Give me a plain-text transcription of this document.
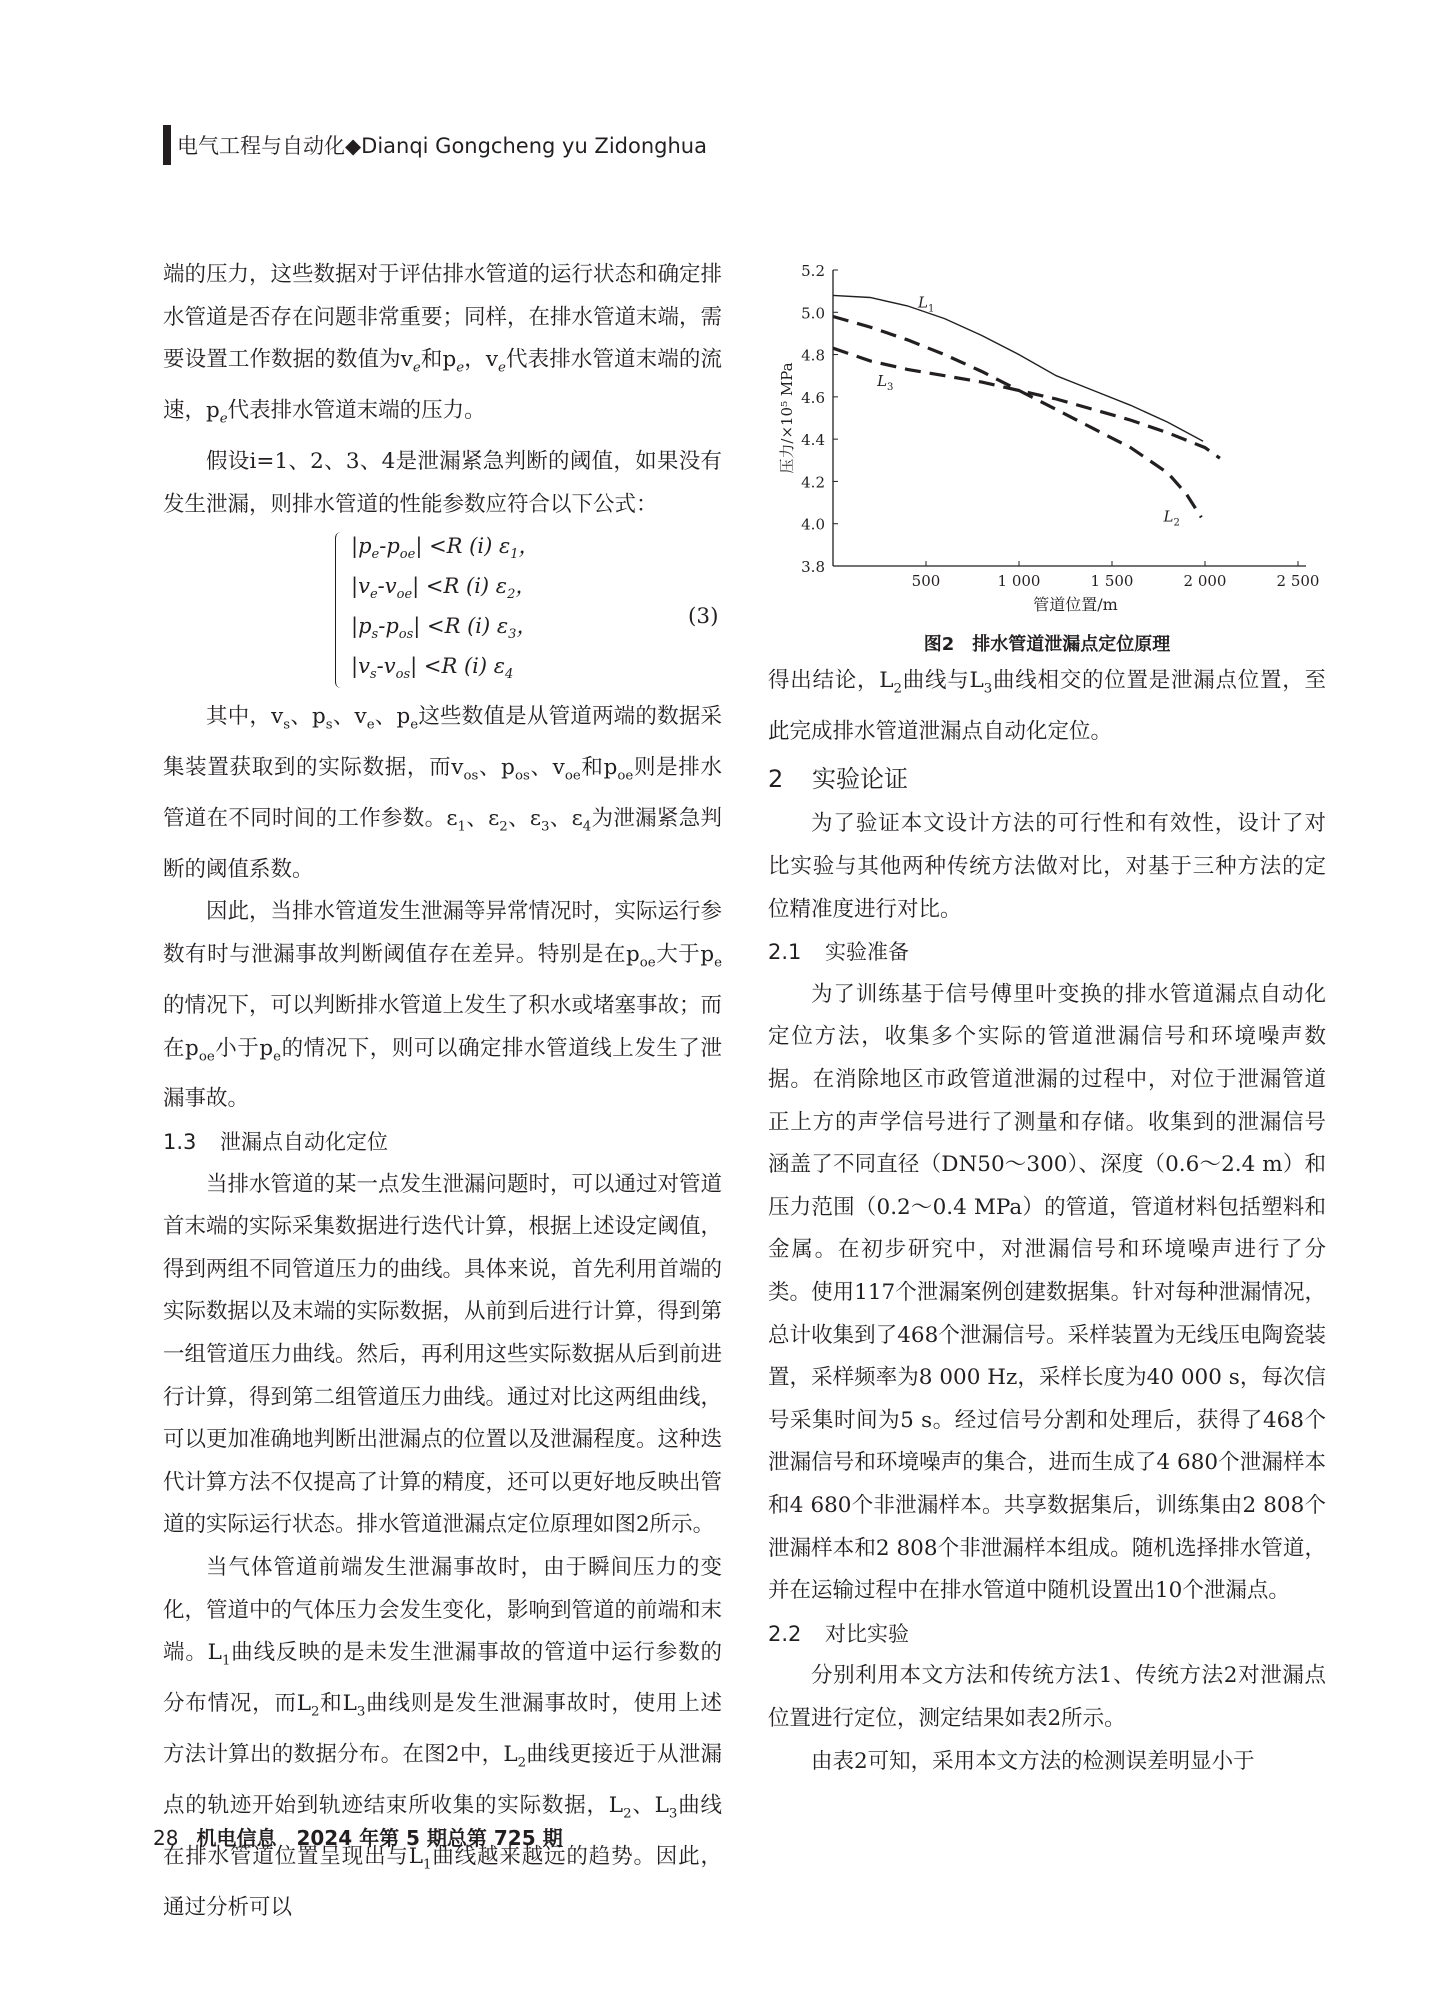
电气工程与自动化◆Dianqi Gongcheng yu Zidonghua

端的压力，这些数据对于评估排水管道的运行状态和确定排水管道是否存在问题非常重要；同样，在排水管道末端，需要设置工作数据的数值为$v_e$和$p_e$，$v_e$代表排水管道末端的流速，$p_e$代表排水管道末端的压力。

假设i=1、2、3、4是泄漏紧急判断的阈值，如果没有发生泄漏，则排水管道的性能参数应符合以下公式：

$|p_e-p_{oe}| <R$ (i) $\varepsilon_1$，
$|v_e-v_{oe}| <R$ (i) $\varepsilon_2$，
$|p_s-p_{os}| <R$ (i) $\varepsilon_3$，
$|v_s-v_{os}| <R$ (i) $\varepsilon_4$
(3)

其中，$v_s$、$p_s$、$v_e$、$p_e$这些数值是从管道两端的数据采集装置获取到的实际数据，而$v_{os}$、$p_{os}$、$v_{oe}$和$p_{oe}$则是排水管道在不同时间的工作参数。$\varepsilon_1$、$\varepsilon_2$、$\varepsilon_3$、$\varepsilon_4$为泄漏紧急判断的阈值系数。

因此，当排水管道发生泄漏等异常情况时，实际运行参数有时与泄漏事故判断阈值存在差异。特别是在$p_{oe}$大于$p_e$的情况下，可以判断排水管道上发生了积水或堵塞事故；而在$p_{oe}$小于$p_e$的情况下，则可以确定排水管道线上发生了泄漏事故。

1.3 泄漏点自动化定位

当排水管道的某一点发生泄漏问题时，可以通过对管道首末端的实际采集数据进行迭代计算，根据上述设定阈值，得到两组不同管道压力的曲线。具体来说，首先利用首端的实际数据以及末端的实际数据，从前到后进行计算，得到第一组管道压力曲线。然后，再利用这些实际数据从后到前进行计算，得到第二组管道压力曲线。通过对比这两组曲线，可以更加准确地判断出泄漏点的位置以及泄漏程度。这种迭代计算方法不仅提高了计算的精度，还可以更好地反映出管道的实际运行状态。排水管道泄漏点定位原理如图2所示。

当气体管道前端发生泄漏事故时，由于瞬间压力的变化，管道中的气体压力会发生变化，影响到管道的前端和末端。$L_1$曲线反映的是未发生泄漏事故的管道中运行参数的分布情况，而$L_2$和$L_3$曲线则是发生泄漏事故时，使用上述方法计算出的数据分布。在图2中，$L_2$曲线更接近于从泄漏点的轨迹开始到轨迹结束所收集的实际数据，$L_2$、$L_3$曲线在排水管道位置呈现出与$L_1$曲线越来越远的趋势。因此，通过分析可以

3.8
4.0
4.2
4.4
4.6
4.8
5.0
5.2
500	1 000	1 500	2 000	2 500
管道位置/m
压力/×10⁵ MPa
$L_1$
$L_2$
$L_3$
图2　排水管道泄漏点定位原理

得出结论，$L_2$曲线与$L_3$曲线相交的位置是泄漏点位置，至此完成排水管道泄漏点自动化定位。

2 实验论证

为了验证本文设计方法的可行性和有效性，设计了对比实验与其他两种传统方法做对比，对基于三种方法的定位精准度进行对比。

2.1 实验准备

为了训练基于信号傅里叶变换的排水管道漏点自动化定位方法，收集多个实际的管道泄漏信号和环境噪声数据。在消除地区市政管道泄漏的过程中，对位于泄漏管道正上方的声学信号进行了测量和存储。收集到的泄漏信号涵盖了不同直径（DN50～300）、深度（0.6～2.4 m）和压力范围（0.2～0.4 MPa）的管道，管道材料包括塑料和金属。在初步研究中，对泄漏信号和环境噪声进行了分类。使用117个泄漏案例创建数据集。针对每种泄漏情况，总计收集到了468个泄漏信号。采样装置为无线压电陶瓷装置，采样频率为8 000 Hz，采样长度为40 000 s，每次信号采集时间为5 s。经过信号分割和处理后，获得了468个泄漏信号和环境噪声的集合，进而生成了4 680个泄漏样本和4 680个非泄漏样本。共享数据集后，训练集由2 808个泄漏样本和2 808个非泄漏样本组成。随机选择排水管道，并在运输过程中在排水管道中随机设置出10个泄漏点。

2.2 对比实验

分别利用本文方法和传统方法1、传统方法2对泄漏点位置进行定位，测定结果如表2所示。

由表2可知，采用本文方法的检测误差明显小于

28 机电信息　2024 年第 5 期总第 725 期
